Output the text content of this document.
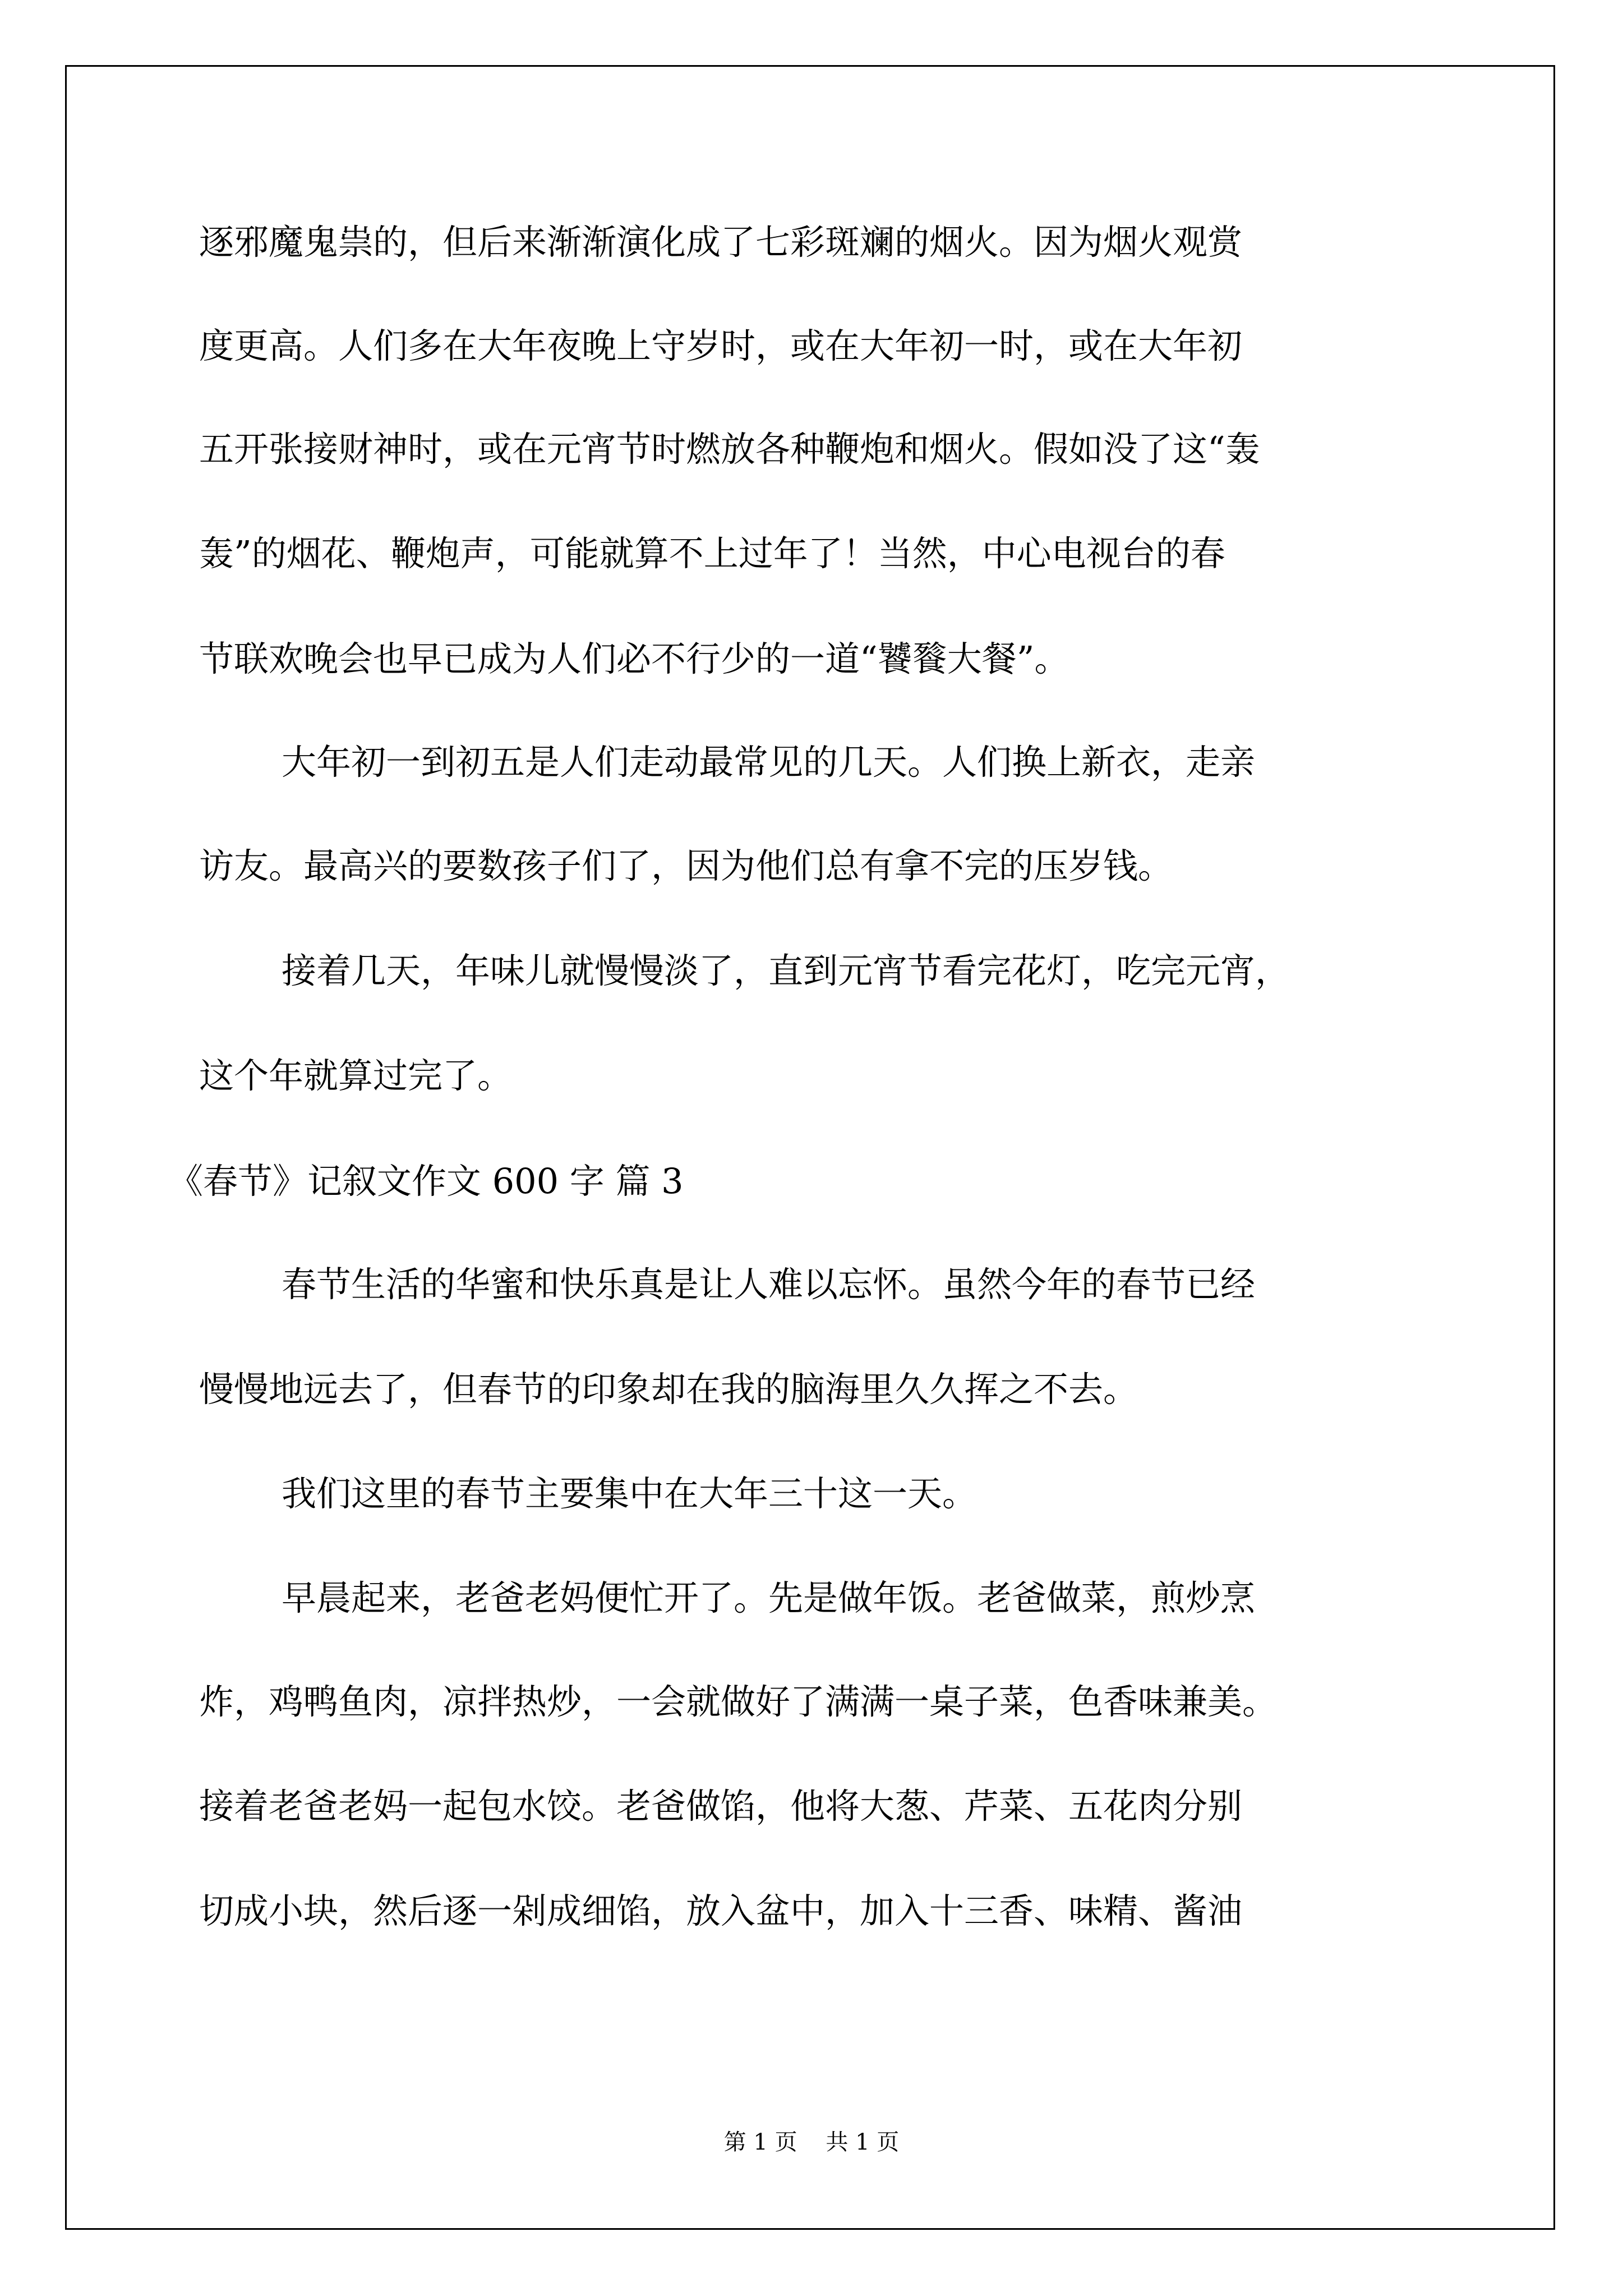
逐邪魔鬼祟的，但后来渐渐演化成了七彩斑斓的烟火。因为烟火观赏
度更高。人们多在大年夜晚上守岁时，或在大年初一时，或在大年初
五开张接财神时，或在元宵节时燃放各种鞭炮和烟火。假如没了这“轰
轰”的烟花、鞭炮声，可能就算不上过年了！当然，中心电视台的春
节联欢晚会也早已成为人们必不行少的一道“饕餮大餐”。
大年初一到初五是人们走动最常见的几天。人们换上新衣，走亲
访友。最高兴的要数孩子们了，因为他们总有拿不完的压岁钱。
接着几天，年味儿就慢慢淡了，直到元宵节看完花灯，吃完元宵，
这个年就算过完了。
《春节》记叙文作文 600 字 篇 3
春节生活的华蜜和快乐真是让人难以忘怀。虽然今年的春节已经
慢慢地远去了，但春节的印象却在我的脑海里久久挥之不去。
我们这里的春节主要集中在大年三十这一天。
早晨起来，老爸老妈便忙开了。先是做年饭。老爸做菜，煎炒烹
炸，鸡鸭鱼肉，凉拌热炒，一会就做好了满满一桌子菜，色香味兼美。
接着老爸老妈一起包水饺。老爸做馅，他将大葱、芹菜、五花肉分别
切成小块，然后逐一剁成细馅，放入盆中，加入十三香、味精、酱油
第 1 页    共 1 页
